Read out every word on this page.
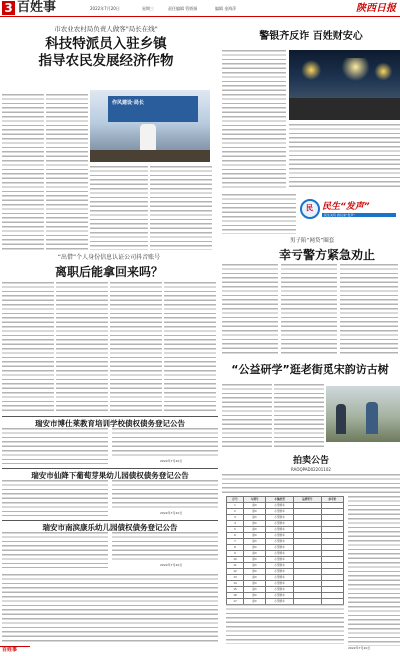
3 百姓事	2022年7月20日	星期三	责任编辑 管娇娟	编辑 金海萍	陕西日报
市农业农村局负责人做客"局长在线"
科技特派员入驻乡镇
指导农民发展经济作物
作风建设·局长
警银齐反诈 百姓财安心
民 民生“发声”
民生关切 我们来“发声”
男子陷“网贷”圈套
幸亏警方紧急劝止
“公益研学”逛老街觅宋韵访古树
“出借”个人身份信息认证公司抖音账号
离职后能拿回来吗？
瑞安市博仕莱教育培训学校债权债务登记公告
2022年7月20日
瑞安市仙降下葡萄芽果幼儿园债权债务登记公告
2022年7月20日
瑞安市南滨康乐幼儿园债权债务登记公告
2022年7月20日
拍卖公告
RAOQPAD02201102
序号	车牌号	车辆类型	品牌型号	参考价
1	浙C	小型轿车		
2	浙C	小型轿车		
3	浙C	小型轿车		
4	浙C	小型轿车		
5	浙C	小型轿车		
6	浙C	小型轿车		
7	浙C	小型轿车		
8	浙C	小型轿车		
9	浙C	小型轿车		
10	浙C	小型轿车		
11	浙C	小型轿车		
12	浙C	小型轿车		
13	浙C	小型轿车		
14	浙C	小型轿车		
15	浙C	小型轿车		
16	浙C	小型轿车		
17	浙C	小型轿车		
2022年7月20日
百姓事
